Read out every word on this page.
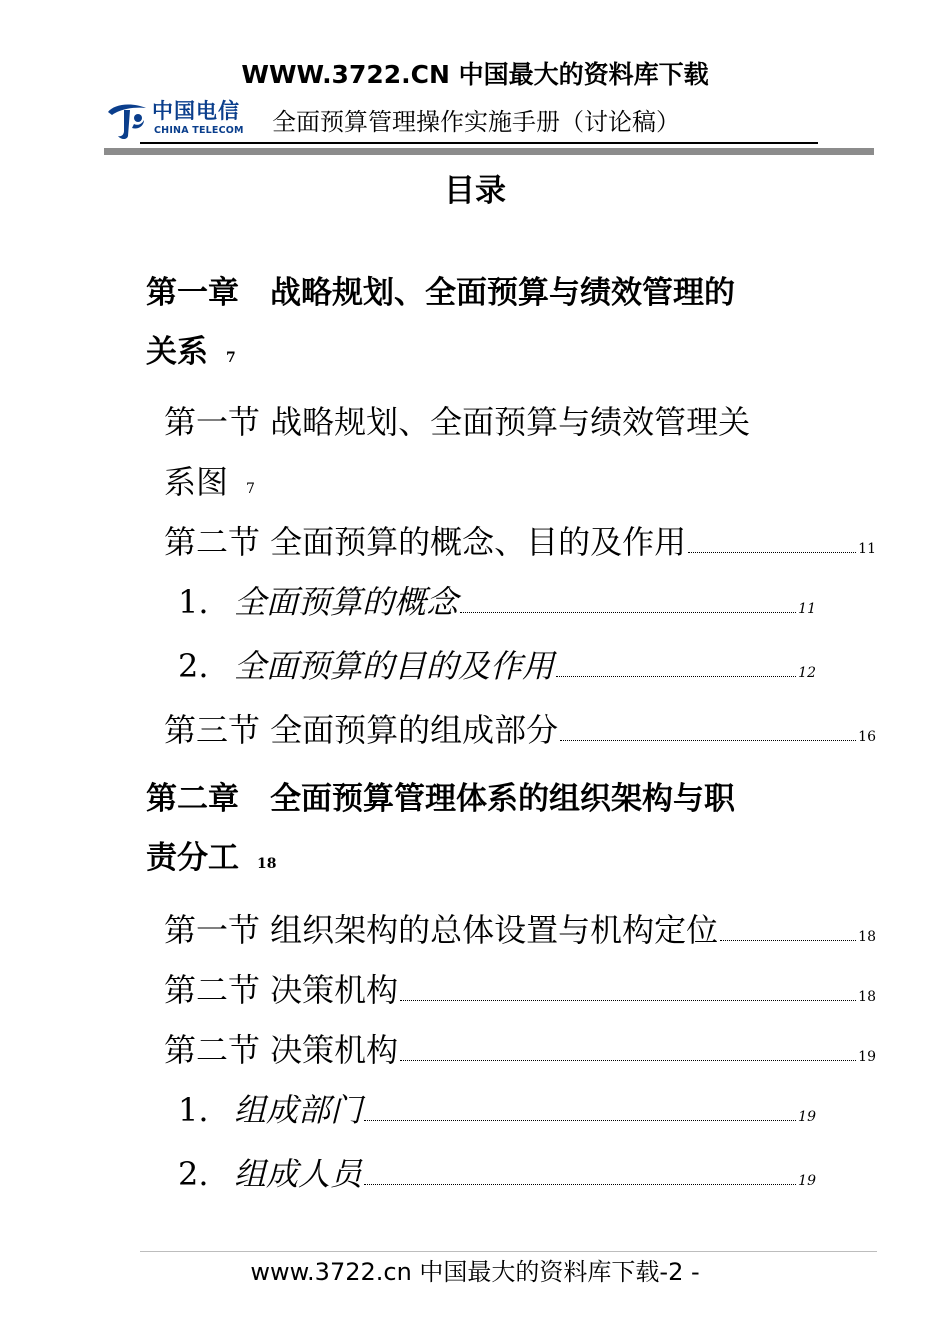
WWW.3722.CN 中国最大的资料库下载
中国电信
CHINA TELECOM 全面预算管理操作实施手册（讨论稿）
目录
第一章　战略规划、全面预算与绩效管理的
关系 7
第一节 战略规划、全面预算与绩效管理关
系图 7
第二节 全面预算的概念、目的及作用	11
1. 全面预算的概念	11
2. 全面预算的目的及作用	12
第三节 全面预算的组成部分	16
第二章　全面预算管理体系的组织架构与职
责分工 18
第一节 组织架构的总体设置与机构定位	18
第二节 决策机构	18
第二节 决策机构	19
1. 组成部门	19
2. 组成人员	19
www.3722.cn 中国最大的资料库下载-2 -
